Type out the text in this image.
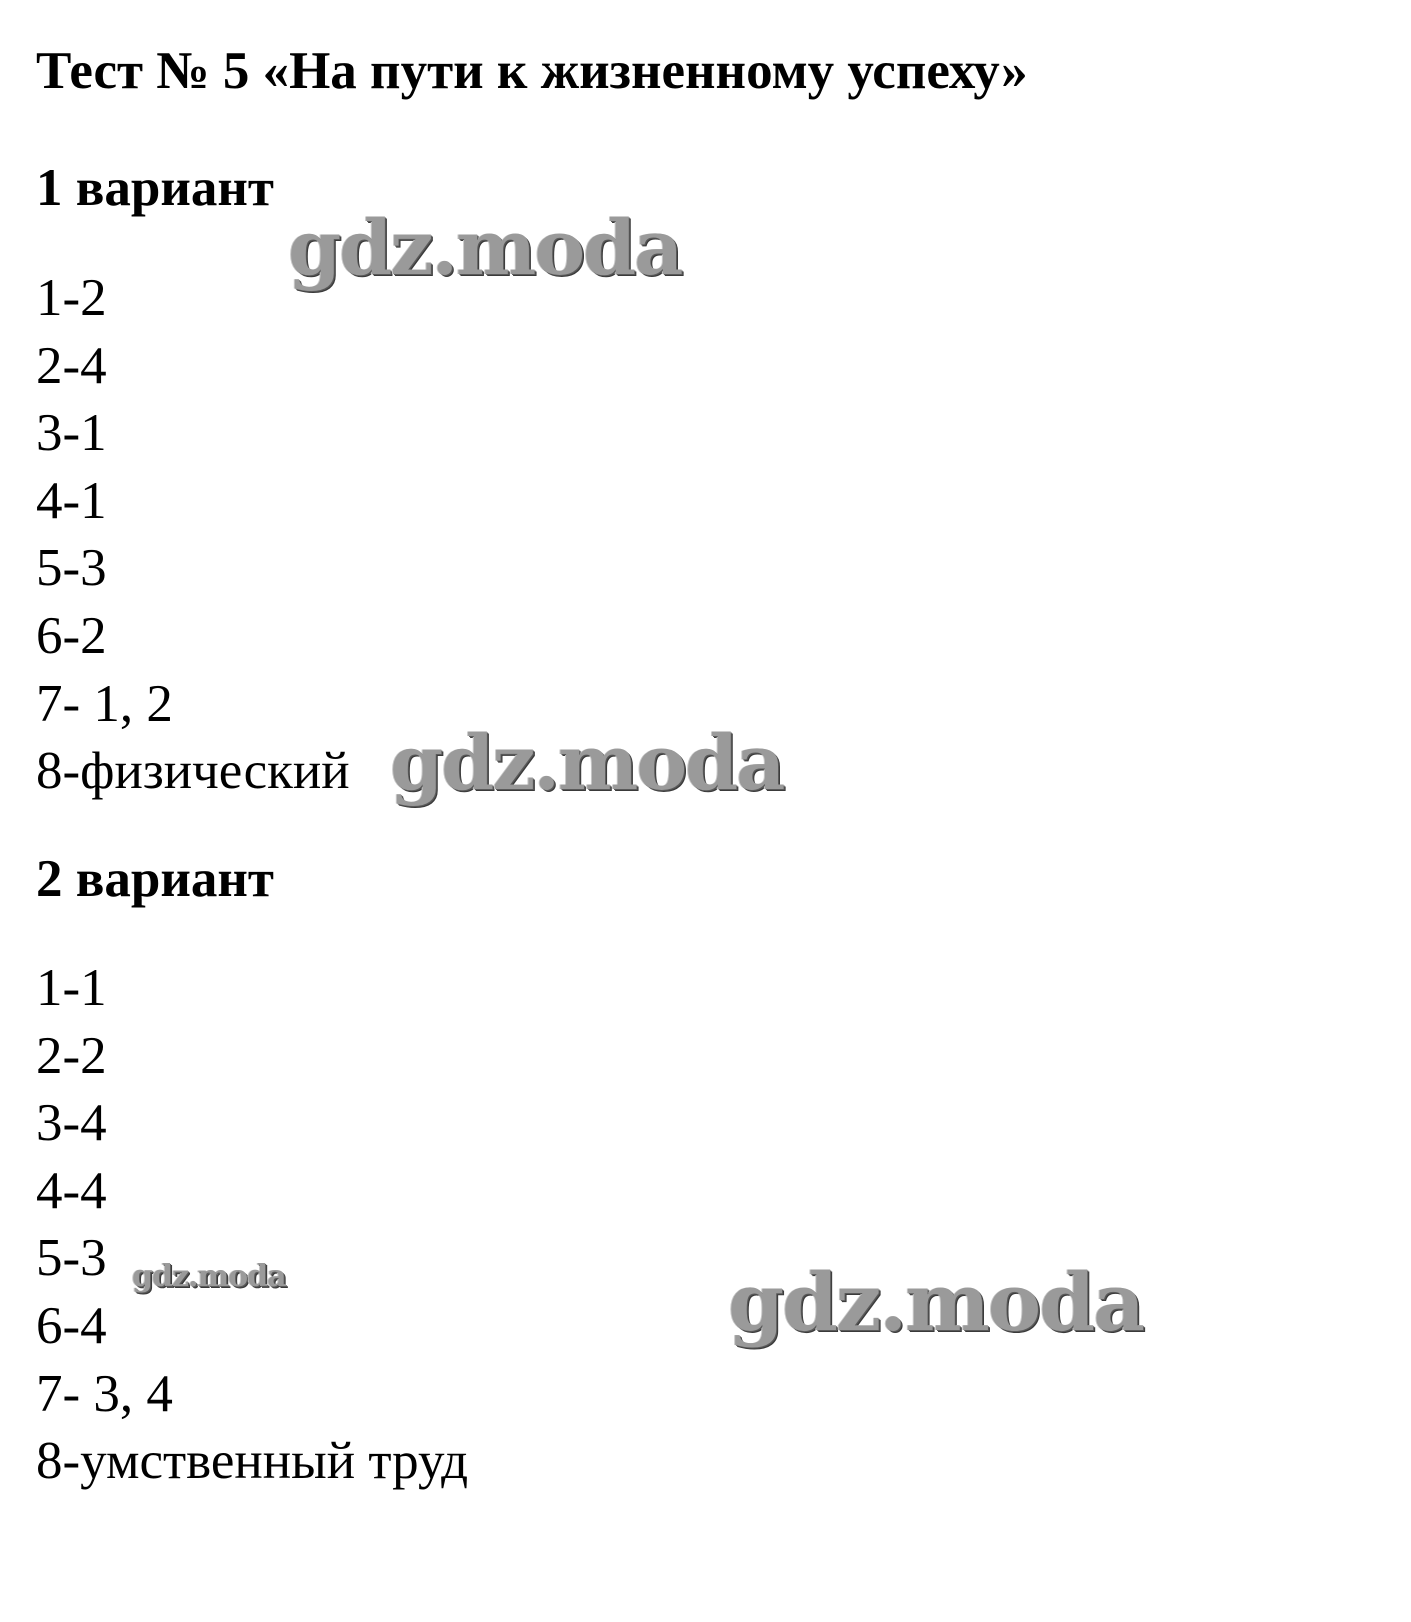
Тест № 5 «На пути к жизненному успеху»
1 вариант
1-2
2-4
3-1
4-1
5-3
6-2
7- 1, 2
8-физический
2 вариант
1-1
2-2
3-4
4-4
5-3
6-4
7- 3, 4
8-умственный труд
gdz.moda
gdz.moda
gdz.moda	gdz.moda
